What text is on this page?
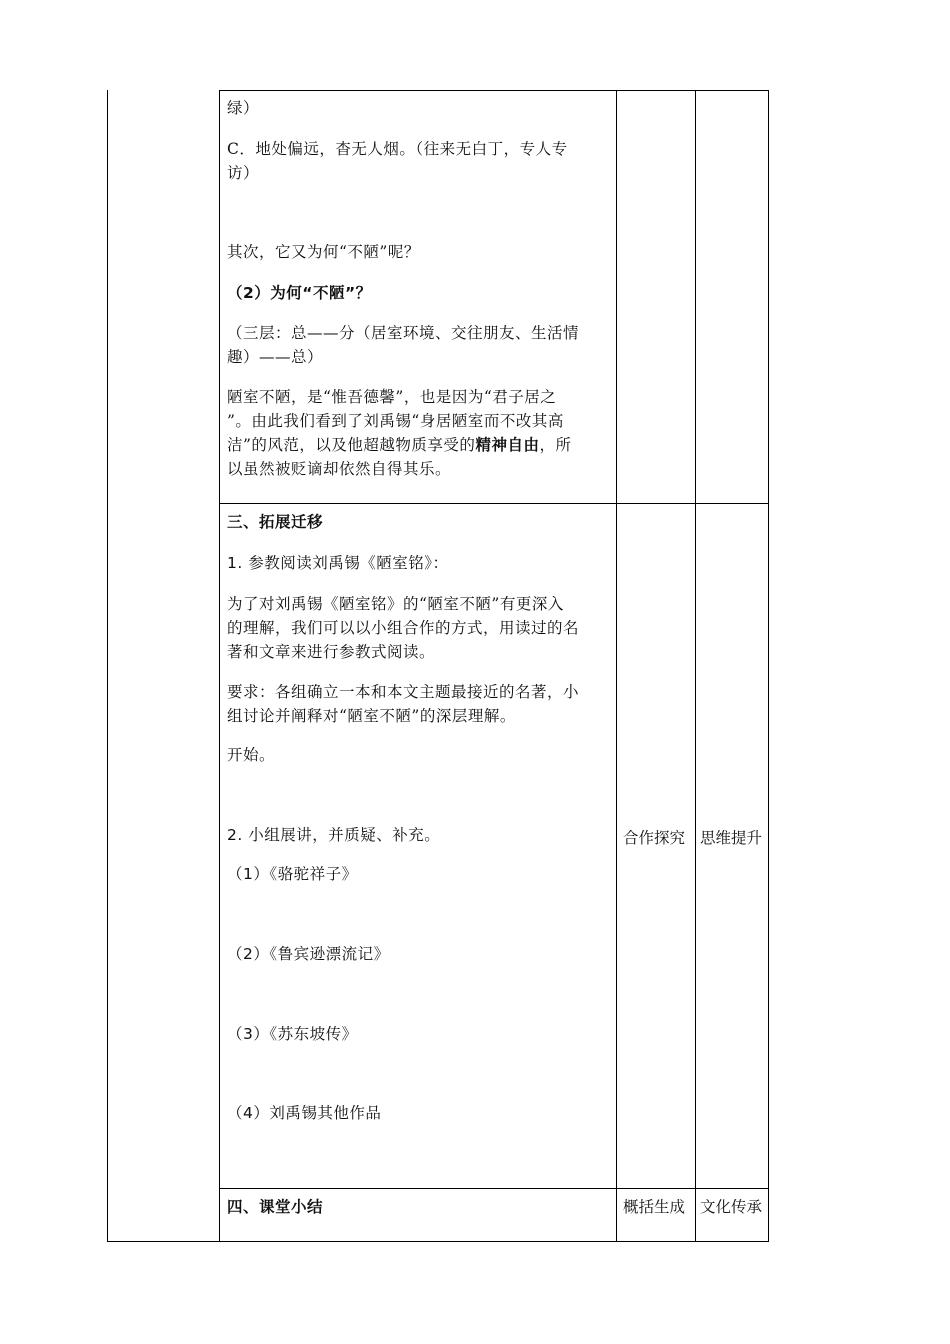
绿）
C．地处偏远，杳无人烟。（往来无白丁，专人专
访）
其次，它又为何“不陋”呢？
（2）为何“不陋”？
（三层：总——分（居室环境、交往朋友、生活情
趣）——总）
陋室不陋，是“惟吾德馨”，也是因为“君子居之
”。由此我们看到了刘禹锡“身居陋室而不改其高
洁”的风范，以及他超越物质享受的精神自由，所
以虽然被贬谪却依然自得其乐。
三、拓展迁移
1. 参教阅读刘禹锡《陋室铭》：
为了对刘禹锡《陋室铭》的“陋室不陋”有更深入
的理解，我们可以以小组合作的方式，用读过的名
著和文章来进行参教式阅读。
要求：各组确立一本和本文主题最接近的名著，小
组讨论并阐释对“陋室不陋”的深层理解。
开始。
2. 小组展讲，并质疑、补充。
（1）《骆驼祥子》
（2）《鲁宾逊漂流记》
（3）《苏东坡传》
（4）刘禹锡其他作品
合作探究 思维提升
四、课堂小结	概括生成 文化传承
